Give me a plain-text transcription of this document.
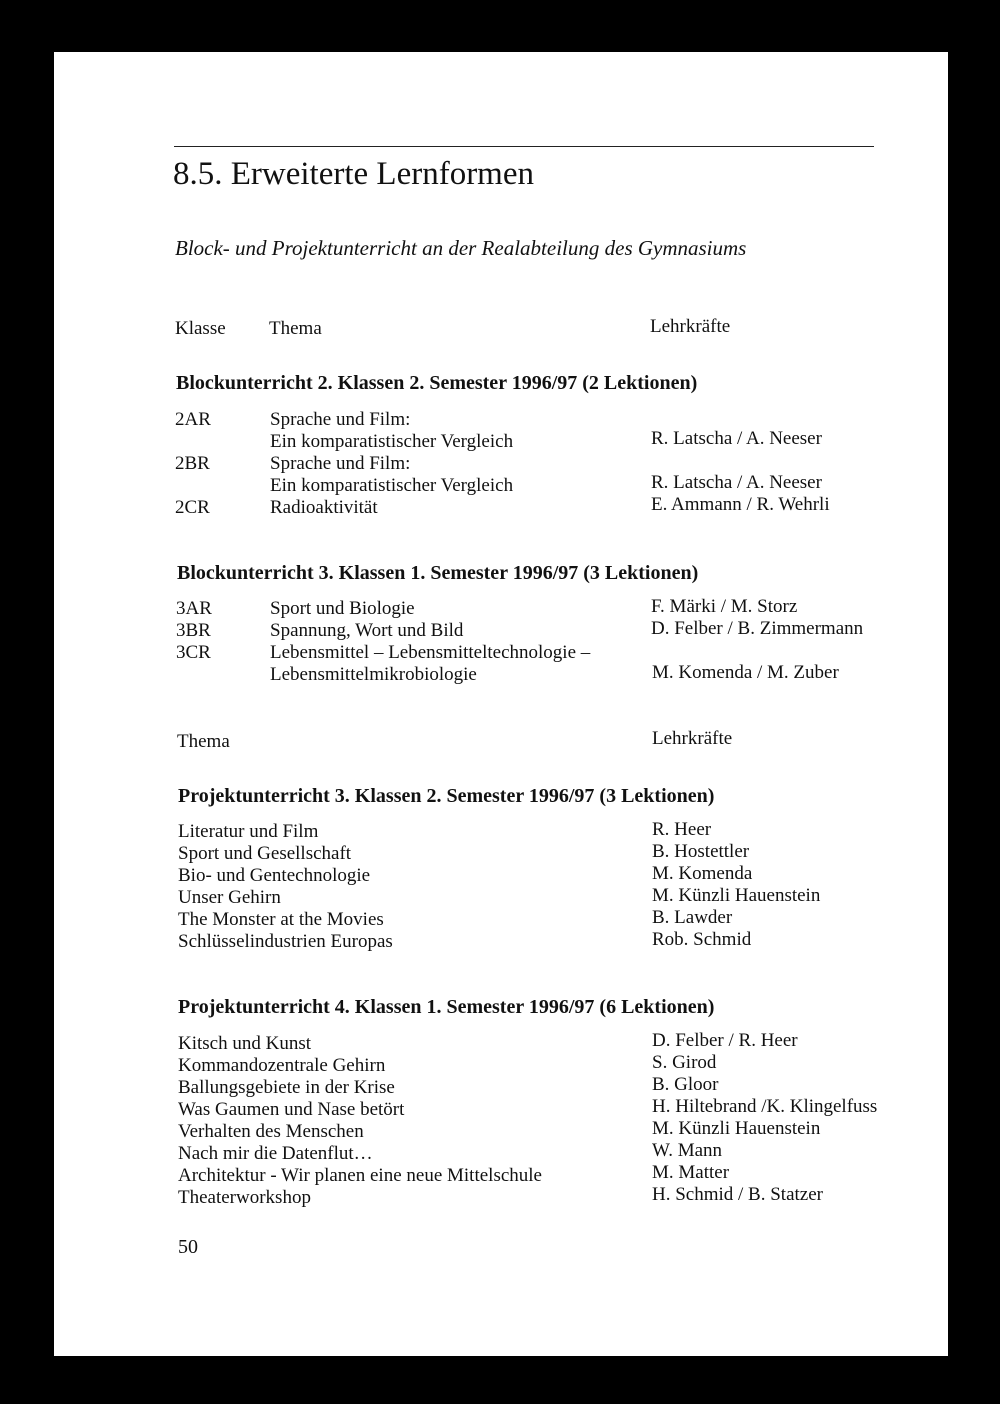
8.5. Erweiterte Lernformen
Block- und Projektunterricht an der Realabteilung des Gymnasiums
Klasse Thema	Lehrkräfte
Blockunterricht 2. Klassen 2. Semester 1996/97 (2 Lektionen)
2AR	Sprache und Film:
Ein komparatistischer Vergleich	R. Latscha / A. Neeser
2BR	Sprache und Film:
Ein komparatistischer Vergleich	R. Latscha / A. Neeser
2CR	Radioaktivität	E. Ammann / R. Wehrli
Blockunterricht 3. Klassen 1. Semester 1996/97 (3 Lektionen)
3AR	Sport und Biologie	F. Märki / M. Storz
3BR	Spannung, Wort und Bild	D. Felber / B. Zimmermann
3CR	Lebensmittel – Lebensmitteltechnologie –
Lebensmittelmikrobiologie	M. Komenda / M. Zuber
Thema	Lehrkräfte
Projektunterricht 3. Klassen 2. Semester 1996/97 (3 Lektionen)
Literatur und Film	R. Heer
Sport und Gesellschaft	B. Hostettler
Bio- und Gentechnologie	M. Komenda
Unser Gehirn	M. Künzli Hauenstein
The Monster at the Movies	B. Lawder
Schlüsselindustrien Europas	Rob. Schmid
Projektunterricht 4. Klassen 1. Semester 1996/97 (6 Lektionen)
Kitsch und Kunst	D. Felber / R. Heer
Kommandozentrale Gehirn	S. Girod
Ballungsgebiete in der Krise	B. Gloor
Was Gaumen und Nase betört	H. Hiltebrand /K. Klingelfuss
Verhalten des Menschen	M. Künzli Hauenstein
Nach mir die Datenflut…	W. Mann
Architektur - Wir planen eine neue Mittelschule	M. Matter
Theaterworkshop	H. Schmid / B. Statzer
50
